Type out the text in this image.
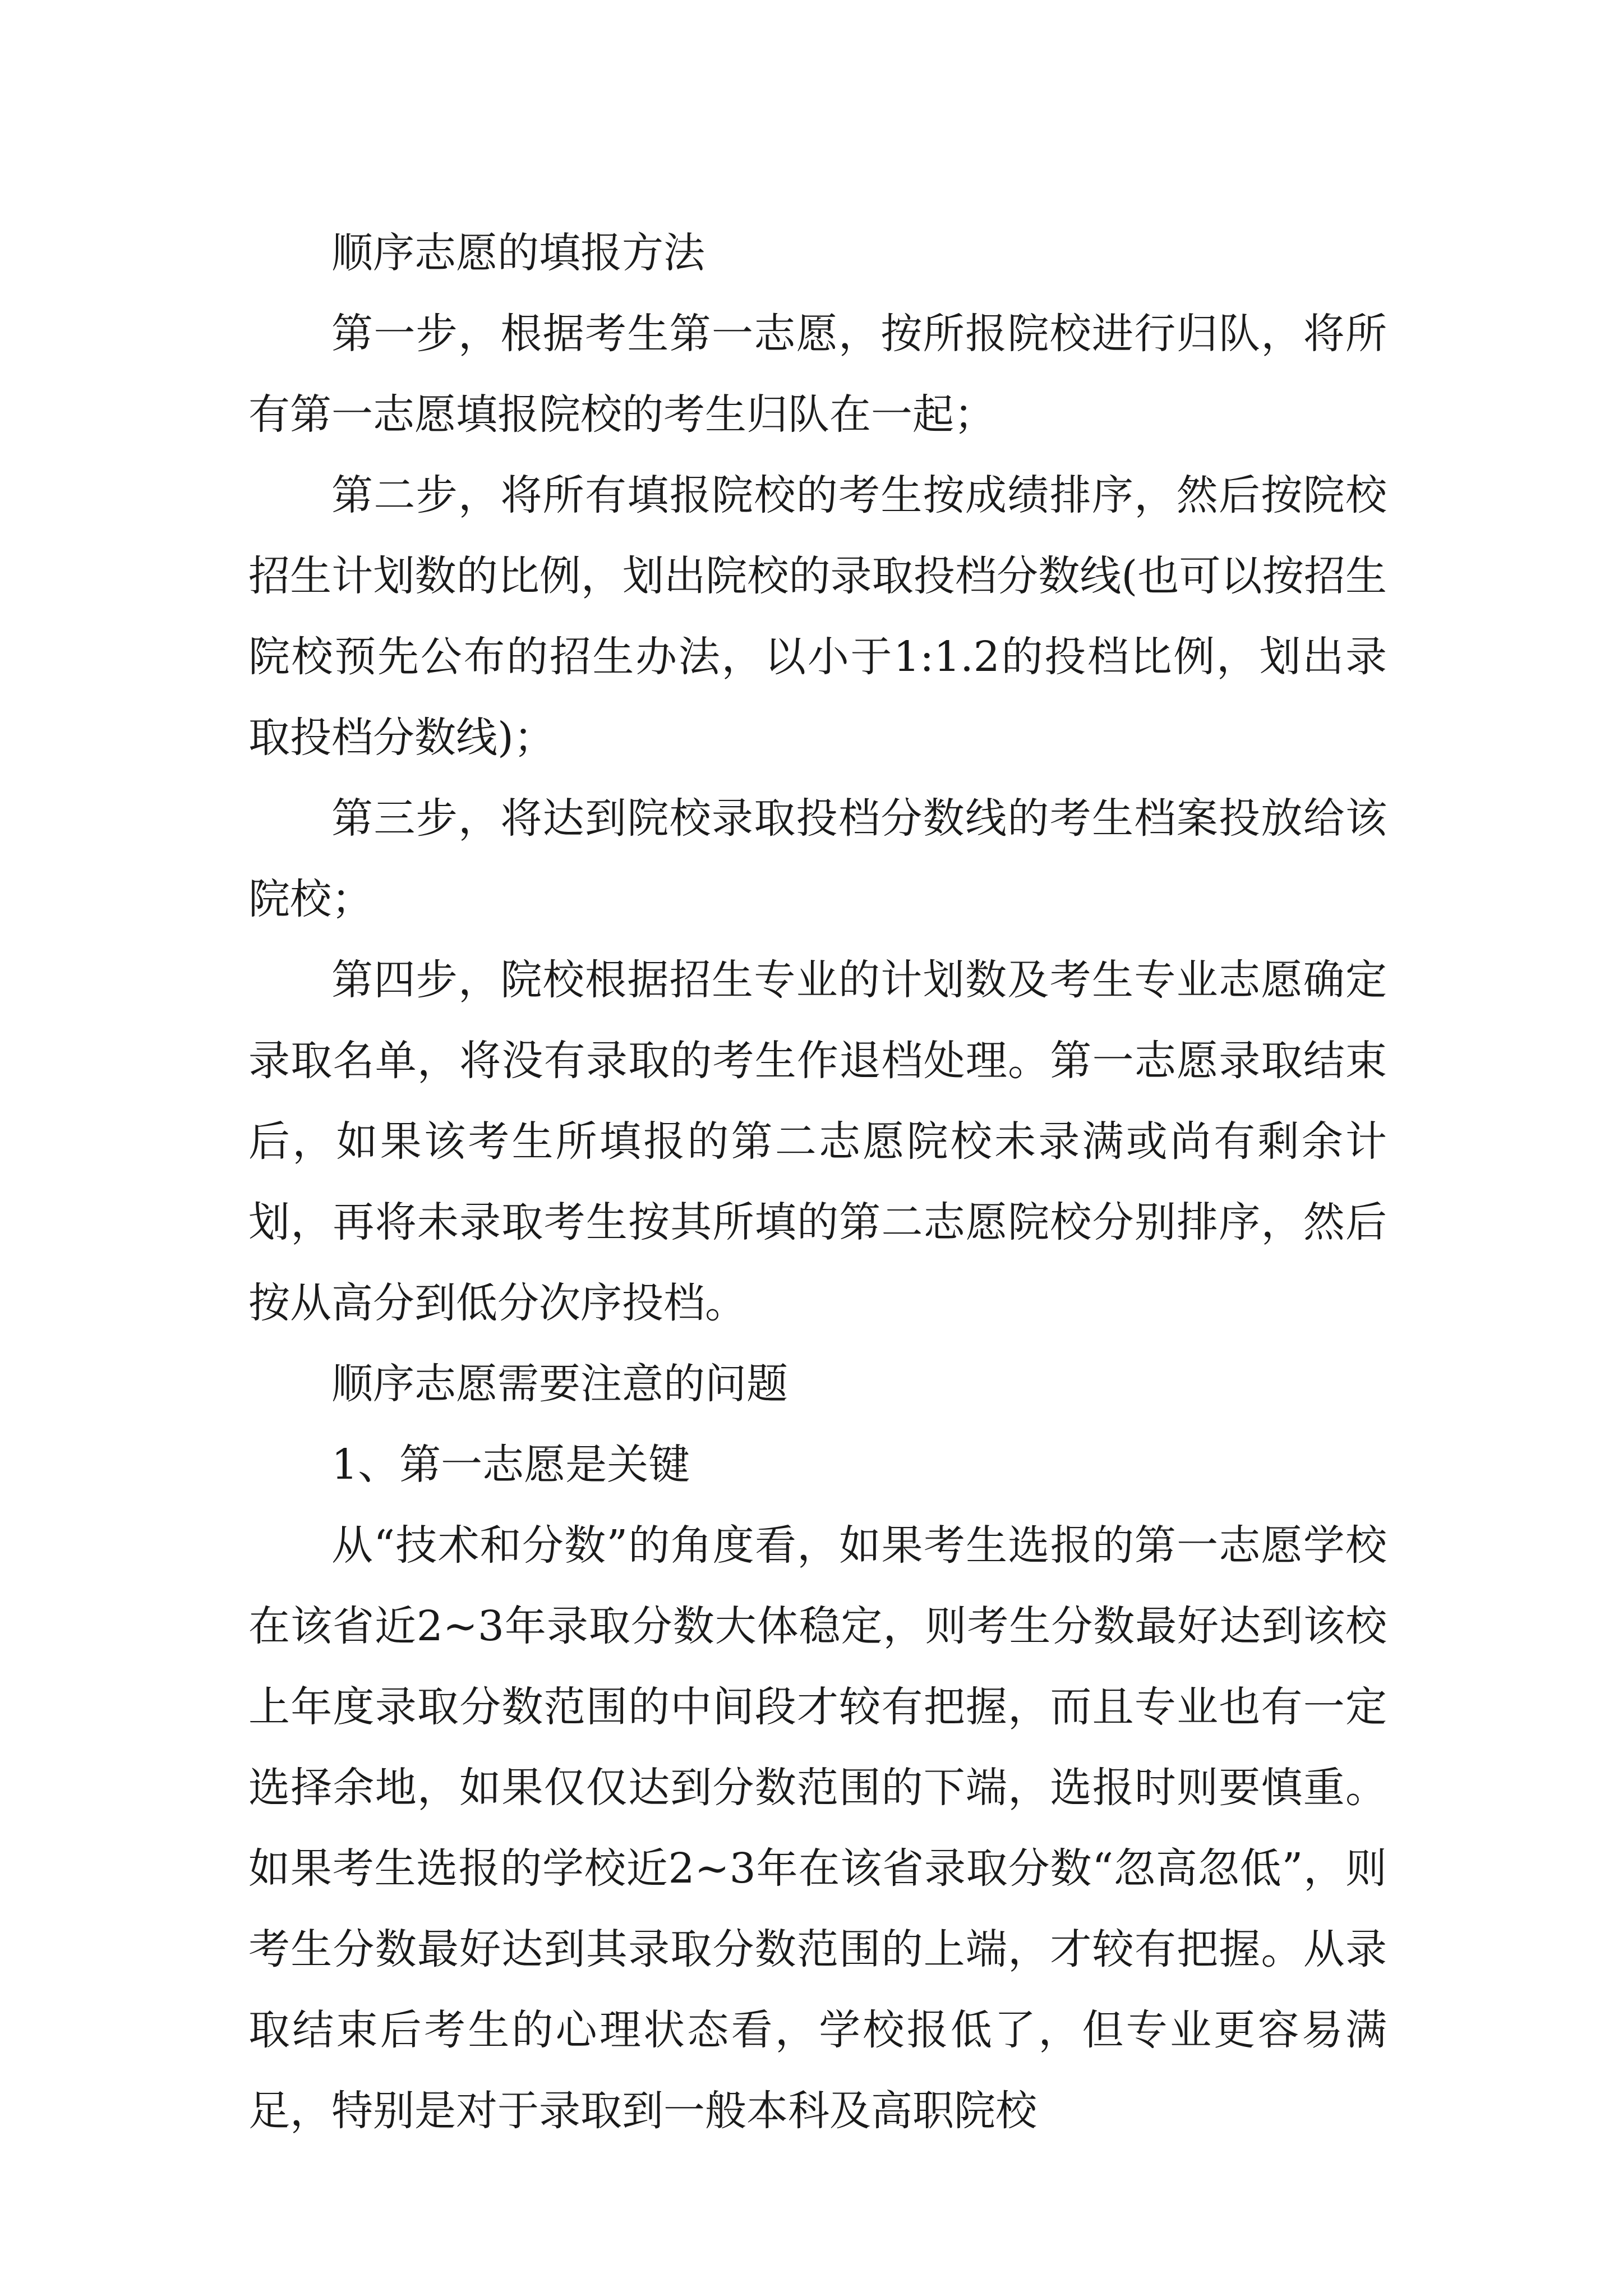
顺序志愿的填报方法

第一步，根据考生第一志愿，按所报院校进行归队，将所有第一志愿填报院校的考生归队在一起；

第二步，将所有填报院校的考生按成绩排序，然后按院校招生计划数的比例，划出院校的录取投档分数线(也可以按招生院校预先公布的招生办法，以小于1:1.2的投档比例，划出录取投档分数线)；

第三步，将达到院校录取投档分数线的考生档案投放给该院校；

第四步，院校根据招生专业的计划数及考生专业志愿确定录取名单，将没有录取的考生作退档处理。第一志愿录取结束后，如果该考生所填报的第二志愿院校未录满或尚有剩余计划，再将未录取考生按其所填的第二志愿院校分别排序，然后按从高分到低分次序投档。

顺序志愿需要注意的问题

1、第一志愿是关键

从“技术和分数”的角度看，如果考生选报的第一志愿学校在该省近2~3年录取分数大体稳定，则考生分数最好达到该校上年度录取分数范围的中间段才较有把握，而且专业也有一定选择余地，如果仅仅达到分数范围的下端，选报时则要慎重。如果考生选报的学校近2~3年在该省录取分数“忽高忽低”，则考生分数最好达到其录取分数范围的上端，才较有把握。从录取结束后考生的心理状态看，学校报低了，但专业更容易满足，特别是对于录取到一般本科及高职院校
